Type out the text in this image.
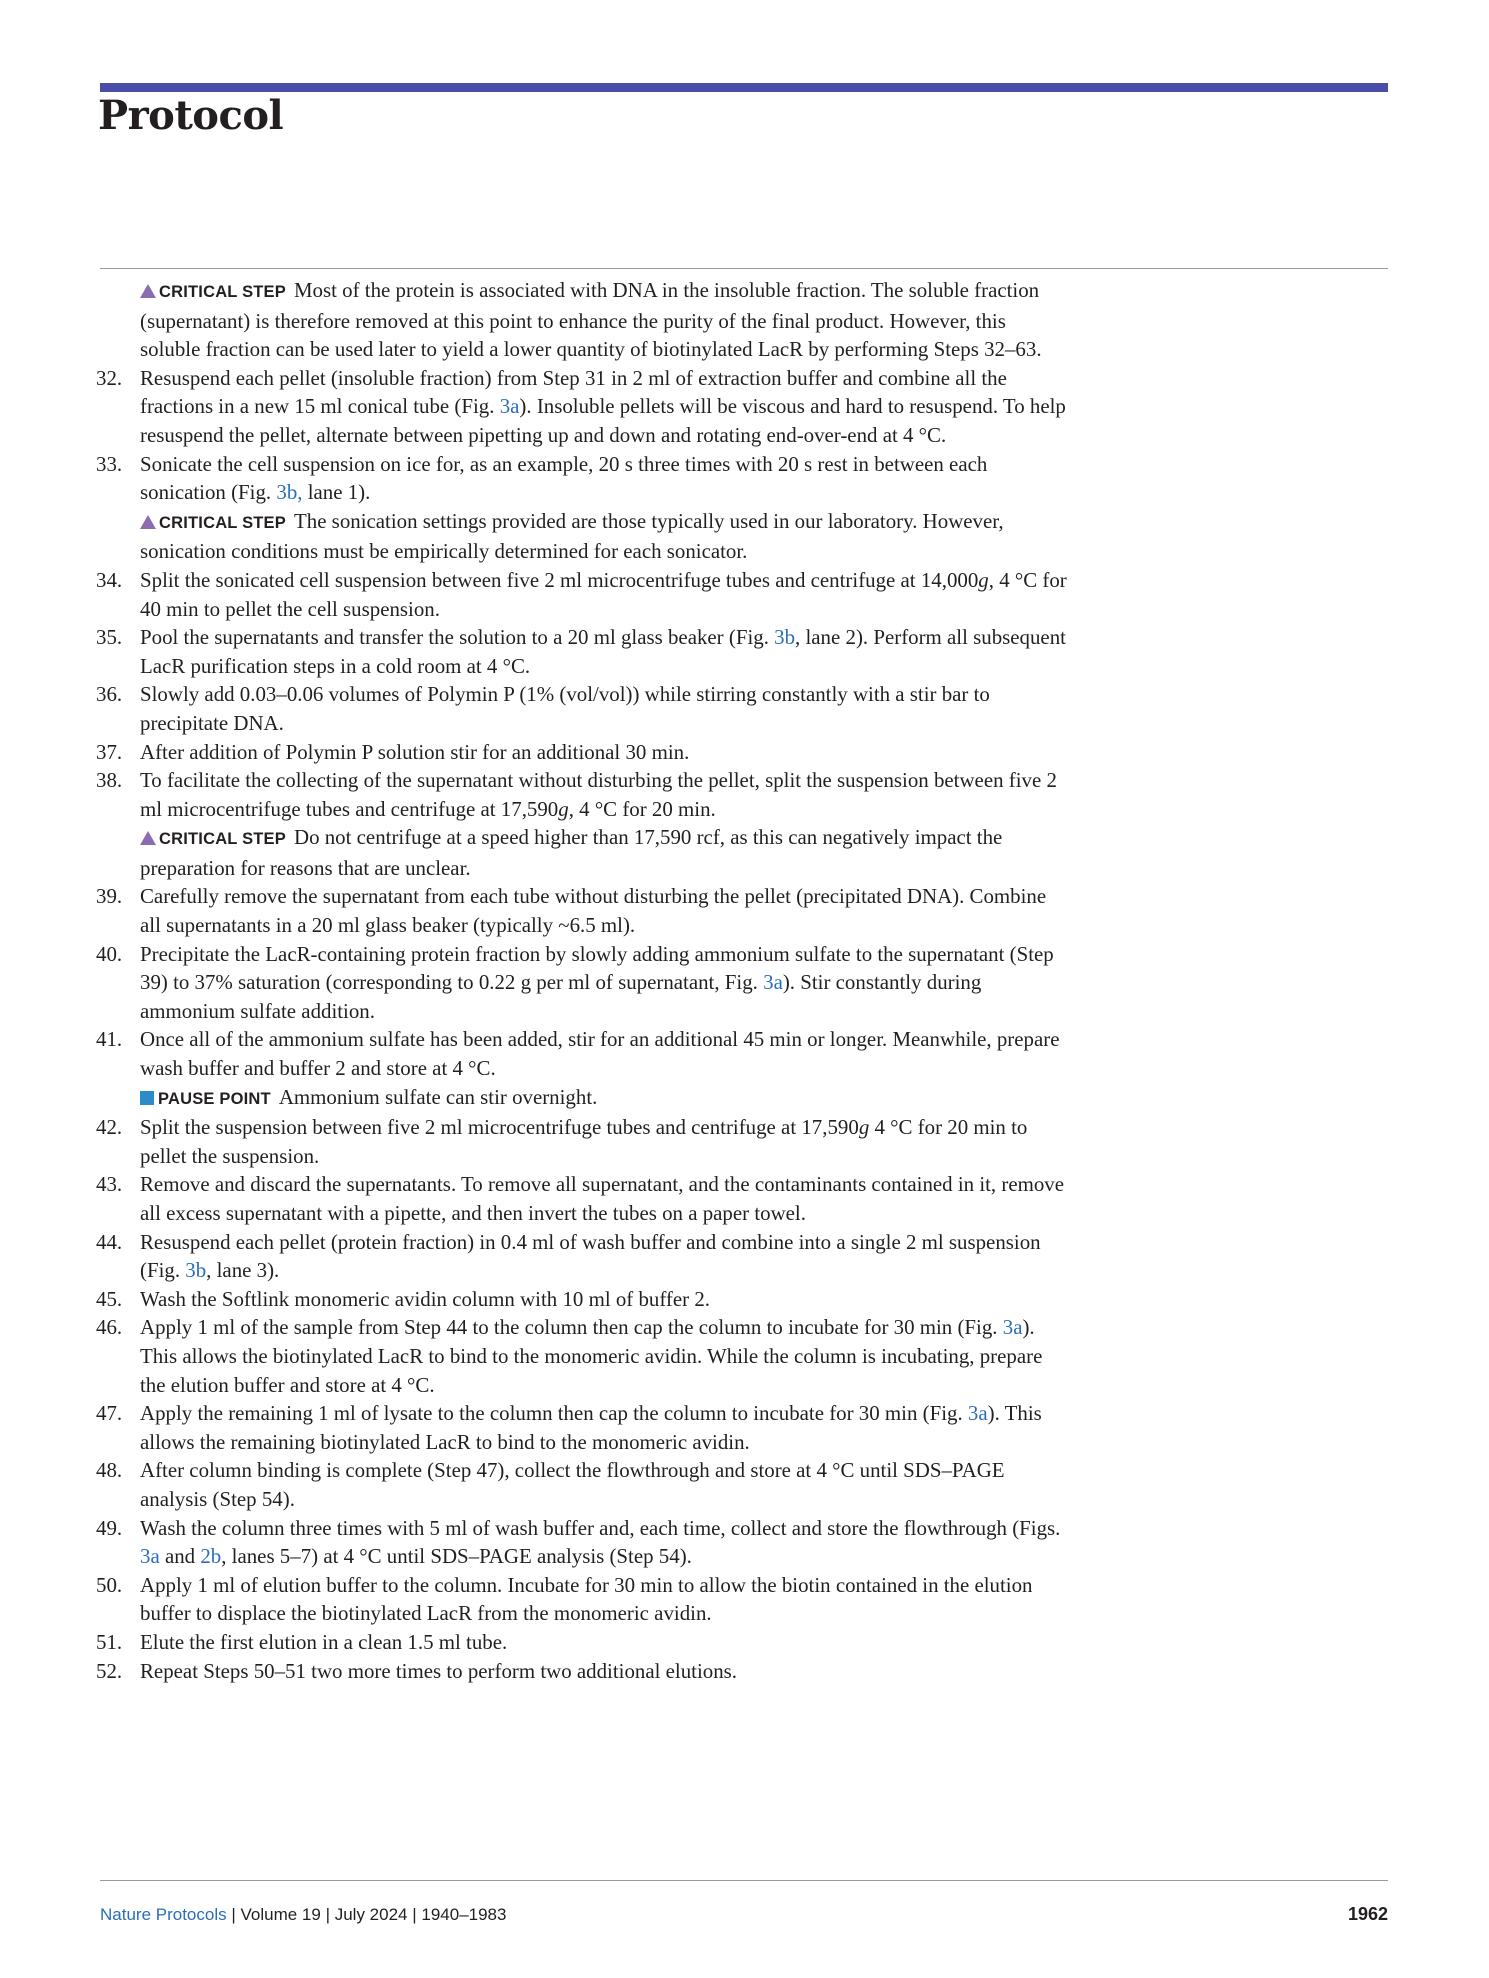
Protocol
CRITICAL STEP Most of the protein is associated with DNA in the insoluble fraction. The soluble fraction (supernatant) is therefore removed at this point to enhance the purity of the final product. However, this soluble fraction can be used later to yield a lower quantity of biotinylated LacR by performing Steps 32–63.
32. Resuspend each pellet (insoluble fraction) from Step 31 in 2 ml of extraction buffer and combine all the fractions in a new 15 ml conical tube (Fig. 3a). Insoluble pellets will be viscous and hard to resuspend. To help resuspend the pellet, alternate between pipetting up and down and rotating end-over-end at 4 °C.
33. Sonicate the cell suspension on ice for, as an example, 20 s three times with 20 s rest in between each sonication (Fig. 3b, lane 1).
CRITICAL STEP The sonication settings provided are those typically used in our laboratory. However, sonication conditions must be empirically determined for each sonicator.
34. Split the sonicated cell suspension between five 2 ml microcentrifuge tubes and centrifuge at 14,000g, 4 °C for 40 min to pellet the cell suspension.
35. Pool the supernatants and transfer the solution to a 20 ml glass beaker (Fig. 3b, lane 2). Perform all subsequent LacR purification steps in a cold room at 4 °C.
36. Slowly add 0.03–0.06 volumes of Polymin P (1% (vol/vol)) while stirring constantly with a stir bar to precipitate DNA.
37. After addition of Polymin P solution stir for an additional 30 min.
38. To facilitate the collecting of the supernatant without disturbing the pellet, split the suspension between five 2 ml microcentrifuge tubes and centrifuge at 17,590g, 4 °C for 20 min.
CRITICAL STEP Do not centrifuge at a speed higher than 17,590 rcf, as this can negatively impact the preparation for reasons that are unclear.
39. Carefully remove the supernatant from each tube without disturbing the pellet (precipitated DNA). Combine all supernatants in a 20 ml glass beaker (typically ~6.5 ml).
40. Precipitate the LacR-containing protein fraction by slowly adding ammonium sulfate to the supernatant (Step 39) to 37% saturation (corresponding to 0.22 g per ml of supernatant, Fig. 3a). Stir constantly during ammonium sulfate addition.
41. Once all of the ammonium sulfate has been added, stir for an additional 45 min or longer. Meanwhile, prepare wash buffer and buffer 2 and store at 4 °C.
PAUSE POINT Ammonium sulfate can stir overnight.
42. Split the suspension between five 2 ml microcentrifuge tubes and centrifuge at 17,590g 4 °C for 20 min to pellet the suspension.
43. Remove and discard the supernatants. To remove all supernatant, and the contaminants contained in it, remove all excess supernatant with a pipette, and then invert the tubes on a paper towel.
44. Resuspend each pellet (protein fraction) in 0.4 ml of wash buffer and combine into a single 2 ml suspension (Fig. 3b, lane 3).
45. Wash the Softlink monomeric avidin column with 10 ml of buffer 2.
46. Apply 1 ml of the sample from Step 44 to the column then cap the column to incubate for 30 min (Fig. 3a). This allows the biotinylated LacR to bind to the monomeric avidin. While the column is incubating, prepare the elution buffer and store at 4 °C.
47. Apply the remaining 1 ml of lysate to the column then cap the column to incubate for 30 min (Fig. 3a). This allows the remaining biotinylated LacR to bind to the monomeric avidin.
48. After column binding is complete (Step 47), collect the flowthrough and store at 4 °C until SDS–PAGE analysis (Step 54).
49. Wash the column three times with 5 ml of wash buffer and, each time, collect and store the flowthrough (Figs. 3a and 2b, lanes 5–7) at 4 °C until SDS–PAGE analysis (Step 54).
50. Apply 1 ml of elution buffer to the column. Incubate for 30 min to allow the biotin contained in the elution buffer to displace the biotinylated LacR from the monomeric avidin.
51. Elute the first elution in a clean 1.5 ml tube.
52. Repeat Steps 50–51 two more times to perform two additional elutions.
Nature Protocols | Volume 19 | July 2024 | 1940–1983	1962
